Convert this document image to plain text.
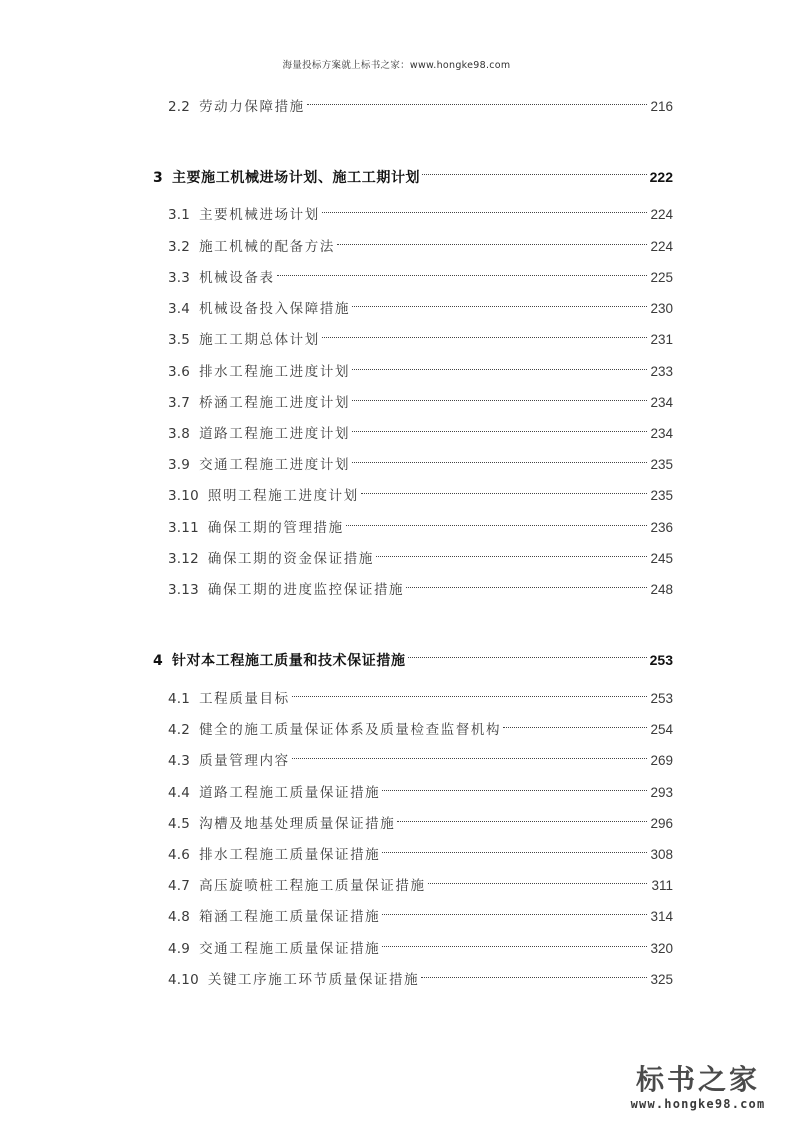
海量投标方案就上标书之家：www.hongke98.com
2.2 劳动力保障措施	216
3 主要施工机械进场计划、施工工期计划	222
3.1 主要机械进场计划	224
3.2 施工机械的配备方法	224
3.3 机械设备表	225
3.4 机械设备投入保障措施	230
3.5 施工工期总体计划	231
3.6 排水工程施工进度计划	233
3.7 桥涵工程施工进度计划	234
3.8 道路工程施工进度计划	234
3.9 交通工程施工进度计划	235
3.10 照明工程施工进度计划	235
3.11 确保工期的管理措施	236
3.12 确保工期的资金保证措施	245
3.13 确保工期的进度监控保证措施	248
4 针对本工程施工质量和技术保证措施	253
4.1 工程质量目标	253
4.2 健全的施工质量保证体系及质量检查监督机构	254
4.3 质量管理内容	269
4.4 道路工程施工质量保证措施	293
4.5 沟槽及地基处理质量保证措施	296
4.6 排水工程施工质量保证措施	308
4.7 高压旋喷桩工程施工质量保证措施	311
4.8 箱涵工程施工质量保证措施	314
4.9 交通工程施工质量保证措施	320
4.10 关键工序施工环节质量保证措施	325
标书之家
www.hongke98.com
